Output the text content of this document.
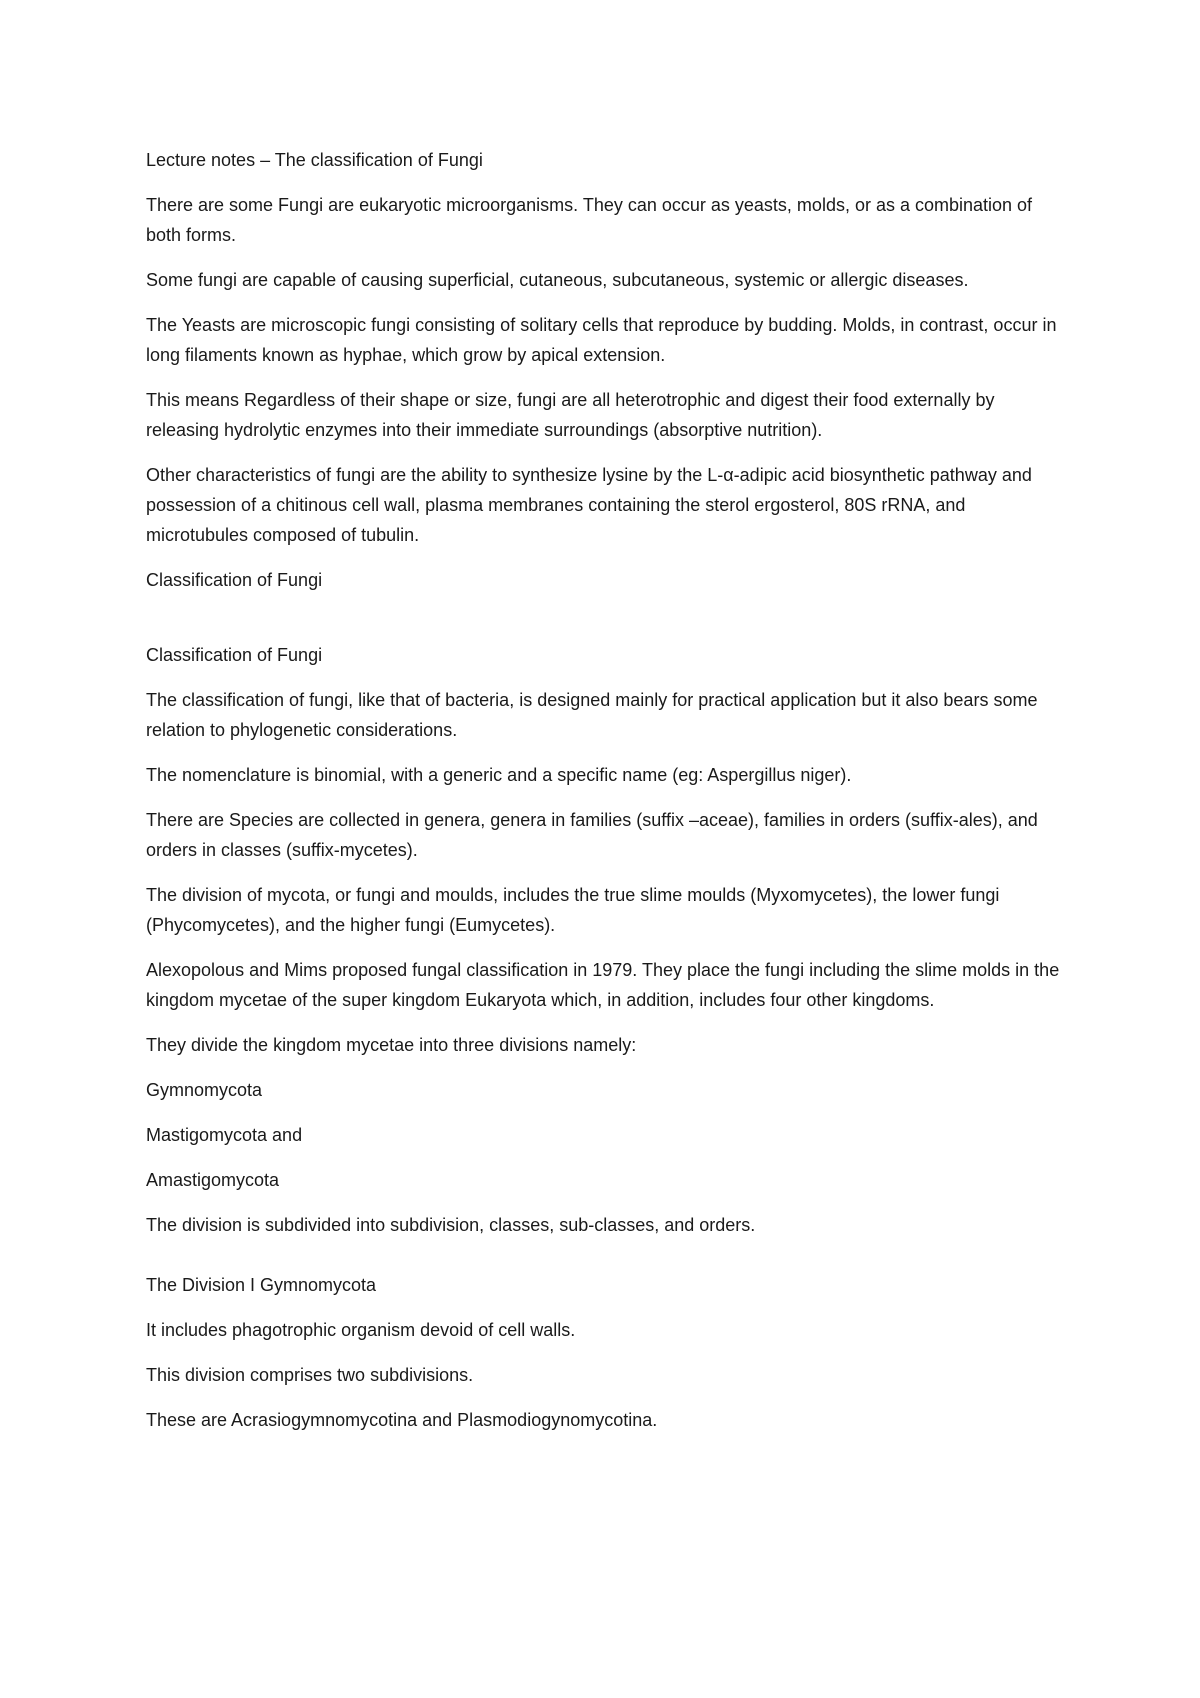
Lecture notes – The classification of Fungi

There are some Fungi are eukaryotic microorganisms. They can occur as yeasts, molds, or as a combination of both forms.

Some fungi are capable of causing superficial, cutaneous, subcutaneous, systemic or allergic diseases.

The Yeasts are microscopic fungi consisting of solitary cells that reproduce by budding. Molds, in contrast, occur in long filaments known as hyphae, which grow by apical extension.

This means Regardless of their shape or size, fungi are all heterotrophic and digest their food externally by releasing hydrolytic enzymes into their immediate surroundings (absorptive nutrition).

Other characteristics of fungi are the ability to synthesize lysine by the L-α-adipic acid biosynthetic pathway and possession of a chitinous cell wall, plasma membranes containing the sterol ergosterol, 80S rRNA, and microtubules composed of tubulin.

Classification of Fungi

Classification of Fungi

The classification of fungi, like that of bacteria, is designed mainly for practical application but it also bears some relation to phylogenetic considerations.

The nomenclature is binomial, with a generic and a specific name (eg: Aspergillus niger).

There are Species are collected in genera, genera in families (suffix –aceae), families in orders (suffix-ales), and orders in classes (suffix-mycetes).

The division of mycota, or fungi and moulds, includes the true slime moulds (Myxomycetes), the lower fungi (Phycomycetes), and the higher fungi (Eumycetes).

Alexopolous and Mims proposed fungal classification in 1979. They place the fungi including the slime molds in the kingdom mycetae of the super kingdom Eukaryota which, in addition, includes four other kingdoms.

They divide the kingdom mycetae into three divisions namely:

Gymnomycota

Mastigomycota and

Amastigomycota

The division is subdivided into subdivision, classes, sub-classes, and orders.

The Division I Gymnomycota

It includes phagotrophic organism devoid of cell walls.

This division comprises two subdivisions.

These are Acrasiogymnomycotina and Plasmodiogynomycotina.
